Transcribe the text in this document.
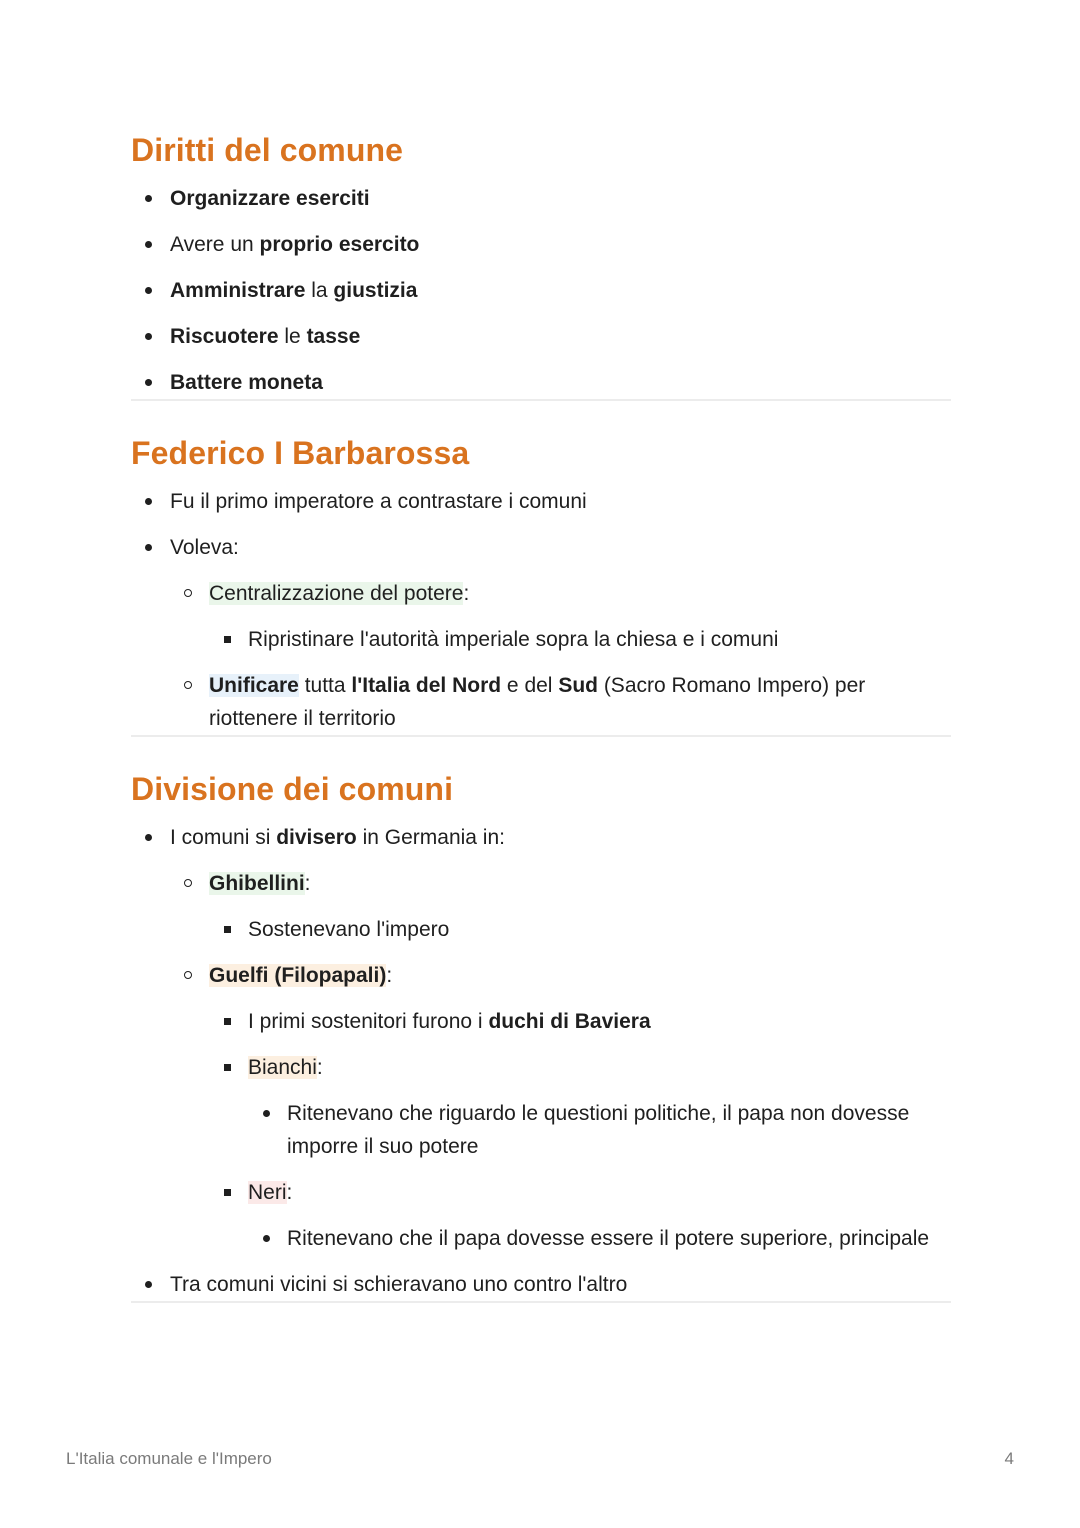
Diritti del comune
Organizzare eserciti
Avere un proprio esercito
Amministrare la giustizia
Riscuotere le tasse
Battere moneta
Federico I Barbarossa
Fu il primo imperatore a contrastare i comuni
Voleva:
Centralizzazione del potere:
Ripristinare l'autorità imperiale sopra la chiesa e i comuni
Unificare tutta l'Italia del Nord e del Sud (Sacro Romano Impero) per riottenere il territorio
Divisione dei comuni
I comuni si divisero in Germania in:
Ghibellini:
Sostenevano l'impero
Guelfi (Filopapali):
I primi sostenitori furono i duchi di Baviera
Bianchi:
Ritenevano che riguardo le questioni politiche, il papa non dovesse imporre il suo potere
Neri:
Ritenevano che il papa dovesse essere il potere superiore, principale
Tra comuni vicini si schieravano uno contro l'altro
L'Italia comunale e l'Impero	4
